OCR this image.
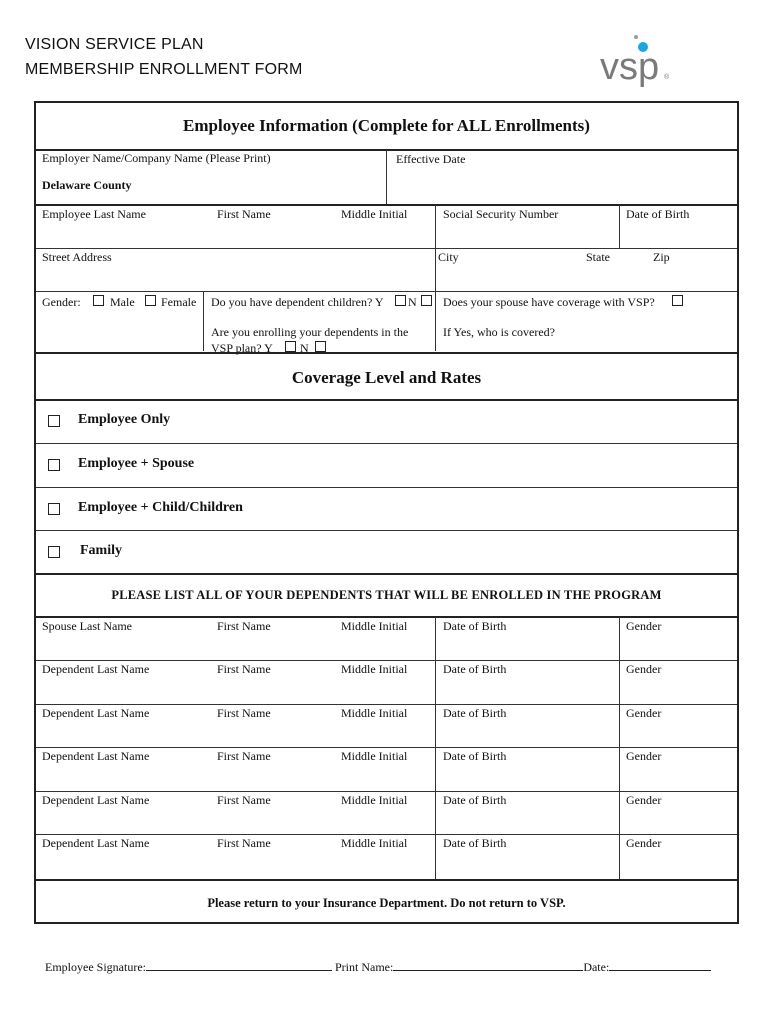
VISION SERVICE PLAN
MEMBERSHIP ENROLLMENT FORM	vsp ®
Employee Information (Complete for ALL Enrollments)
Employer Name/Company Name (Please Print)	Effective Date
Delaware County
Employee Last Name	First Name	Middle Initial	Social Security Number	Date of Birth
Street Address	City	State	Zip
Gender: Male Female Do you have dependent children? Y N
Are you enrolling your dependents in the
VSP plan? Y N
Does your spouse have coverage with VSP?
If Yes, who is covered?
Coverage Level and Rates
Employee Only
Employee + Spouse
Employee + Child/Children
Family
PLEASE LIST ALL OF YOUR DEPENDENTS THAT WILL BE ENROLLED IN THE PROGRAM
Spouse Last Name	First Name	Middle Initial	Date of Birth	Gender
Dependent Last Name	First Name	Middle Initial	Date of Birth	Gender
Dependent Last Name	First Name	Middle Initial	Date of Birth	Gender
Dependent Last Name	First Name	Middle Initial	Date of Birth	Gender
Dependent Last Name	First Name	Middle Initial	Date of Birth	Gender
Dependent Last Name	First Name	Middle Initial	Date of Birth	Gender
Please return to your Insurance Department. Do not return to VSP.
Employee Signature:	Print Name:	Date:
